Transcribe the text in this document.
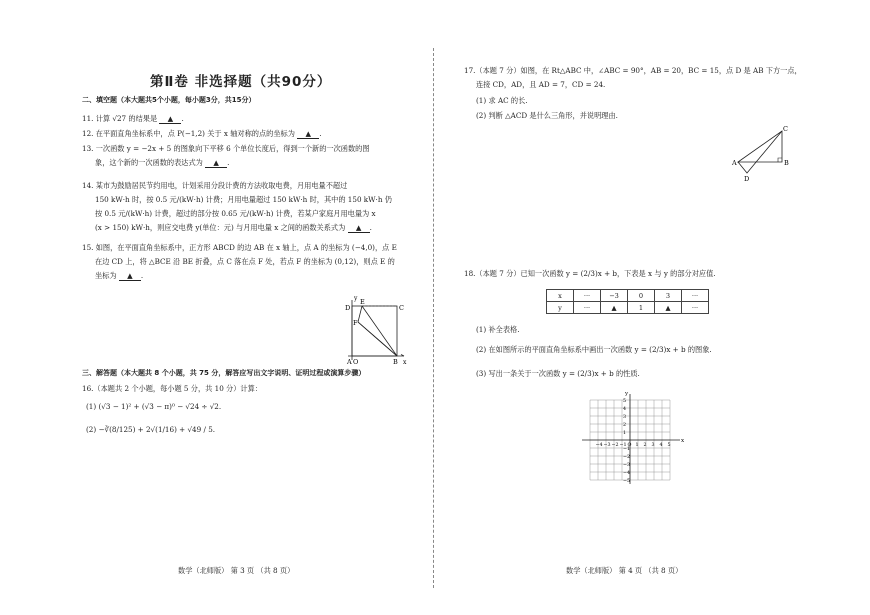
第Ⅱ卷 非选择题（共90分）
二、填空题（本大题共5个小题，每小题3分，共15分）
11. 计算 √27 的结果是 ▲ .
12. 在平面直角坐标系中，点 P(−1,2) 关于 x 轴对称的点的坐标为 ▲ .
13. 一次函数 y = −2x + 5 的图象向下平移 6 个单位长度后，得到一个新的一次函数的图
象，这个新的一次函数的表达式为 ▲ .
14. 某市为鼓励居民节约用电，计划采用分段计费的方法收取电费，月用电量不超过
150 kW·h 时，按 0.5 元/(kW·h) 计费；月用电量超过 150 kW·h 时，其中的 150 kW·h 仍
按 0.5 元/(kW·h) 计费，超过的部分按 0.65 元/(kW·h) 计费，若某户家庭月用电量为 x
(x > 150) kW·h，则应交电费 y(单位：元) 与月用电量 x 之间的函数关系式为 ▲ .
15. 如图，在平面直角坐标系中，正方形 ABCD 的边 AB 在 x 轴上，点 A 的坐标为 (−4,0)，点 E
在边 CD 上，将 △BCE 沿 BE 折叠，点 C 落在点 F 处，若点 F 的坐标为 (0,12)，则点 E 的
坐标为 ▲ .
D
E
C
F
A O	B x
y
三、解答题（本大题共 8 个小题，共 75 分，解答应写出文字说明、证明过程或演算步骤）
16.（本题共 2 个小题，每小题 5 分，共 10 分）计算：
(1) (√3 − 1)² + (√3 − π)⁰ − √24 ÷ √2.
(2) −∛(8/125) + 2√(1/16) + √49 / 5.
数学（北师版） 第 3 页 （共 8 页）
17.（本题 7 分）如图，在 Rt△ABC 中，∠ABC = 90°，AB = 20，BC = 15，点 D 是 AB 下方一点，
连接 CD，AD，且 AD = 7，CD = 24.
(1) 求 AC 的长.
(2) 判断 △ACD 是什么三角形，并说明理由.
A	B
C
D
18.（本题 7 分）已知一次函数 y = (2/3)x + b，下表是 x 与 y 的部分对应值.
x	···	−3	0	3	···
y	···	▲	1	▲	···
(1) 补全表格.
(2) 在如图所示的平面直角坐标系中画出一次函数 y = (2/3)x + b 的图象.
(3) 写出一条关于一次函数 y = (2/3)x + b 的性质.
−4 −3 −2 −1 O 1 2 3 4 5
5
4
3
2
1
−1
−2
−3
−4
−5
x
y
数学（北师版） 第 4 页 （共 8 页）
